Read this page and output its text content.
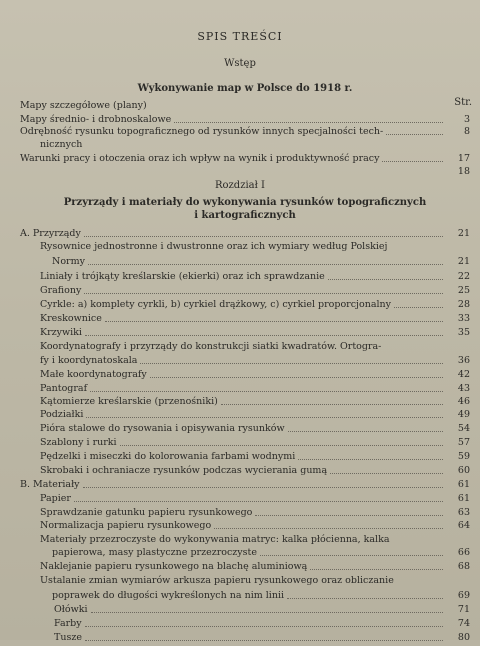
SPIS TREŚCI
Wstęp
Wykonywanie map w Polsce do 1918 r.
Str.
Mapy szczegółowe (plany)
Mapy średnio- i drobnoskalowe	3
Odrębność rysunku topograficznego od rysunków innych specjalności tech-	8
nicznych
Warunki pracy i otoczenia oraz ich wpływ na wynik i produktywność pracy	17
18
Rozdział I
Przyrządy i materiały do wykonywania rysunków topograficznych
i kartograficznych
A. Przyrządy	21
Rysownice jednostronne i dwustronne oraz ich wymiary według Polskiej
Normy	21
Liniały i trójkąty kreślarskie (ekierki) oraz ich sprawdzanie	22
Grafiony	25
Cyrkle: a) komplety cyrkli, b) cyrkiel drążkowy, c) cyrkiel proporcjonalny	28
Kreskownice	33
Krzywiki	35
Koordynatografy i przyrządy do konstrukcji siatki kwadratów. Ortogra-
fy i koordynatoskala	36
Małe koordynatografy	42
Pantograf	43
Kątomierze kreślarskie (przenośniki)	46
Podziałki	49
Pióra stalowe do rysowania i opisywania rysunków	54
Szablony i rurki	57
Pędzelki i miseczki do kolorowania farbami wodnymi	59
Skrobaki i ochraniacze rysunków podczas wycierania gumą	60
B. Materiały	61
Papier	61
Sprawdzanie gatunku papieru rysunkowego	63
Normalizacja papieru rysunkowego	64
Materiały przezroczyste do wykonywania matryc: kalka płócienna, kalka
papierowa, masy plastyczne przezroczyste	66
Naklejanie papieru rysunkowego na blachę aluminiową	68
Ustalanie zmian wymiarów arkusza papieru rysunkowego oraz obliczanie
poprawek do długości wykreślonych na nim linii	69
Ołówki	71
Farby	74
Tusze	80
